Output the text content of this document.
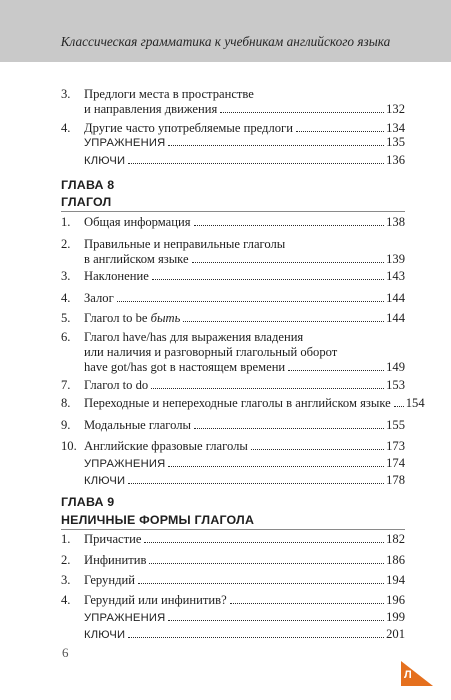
Классическая грамматика к учебникам английского языка
3. Предлоги места в пространстве
и направления движения	132
4. Другие часто употребляемые предлоги	134
УПРАЖНЕНИЯ	135
КЛЮЧИ	136
ГЛАВА 8
ГЛАГОЛ
1. Общая информация	138
2. Правильные и неправильные глаголы
в английском языке	139
3. Наклонение	143
4. Залог	144
5. Глагол to be быть	144
6. Глагол have/has для выражения владения
или наличия и разговорный глагольный оборот
have got/has got в настоящем времени	149
7. Глагол to do	153
8. Переходные и непереходные глаголы в английском языке 154
9. Модальные глаголы	155
10. Английские фразовые глаголы	173
УПРАЖНЕНИЯ	174
КЛЮЧИ	178
ГЛАВА 9
НЕЛИЧНЫЕ ФОРМЫ ГЛАГОЛА
1. Причастие	182
2. Инфинитив	186
3. Герундий	194
4. Герундий или инфинитив?	196
УПРАЖНЕНИЯ	199
КЛЮЧИ	201
6
Л
